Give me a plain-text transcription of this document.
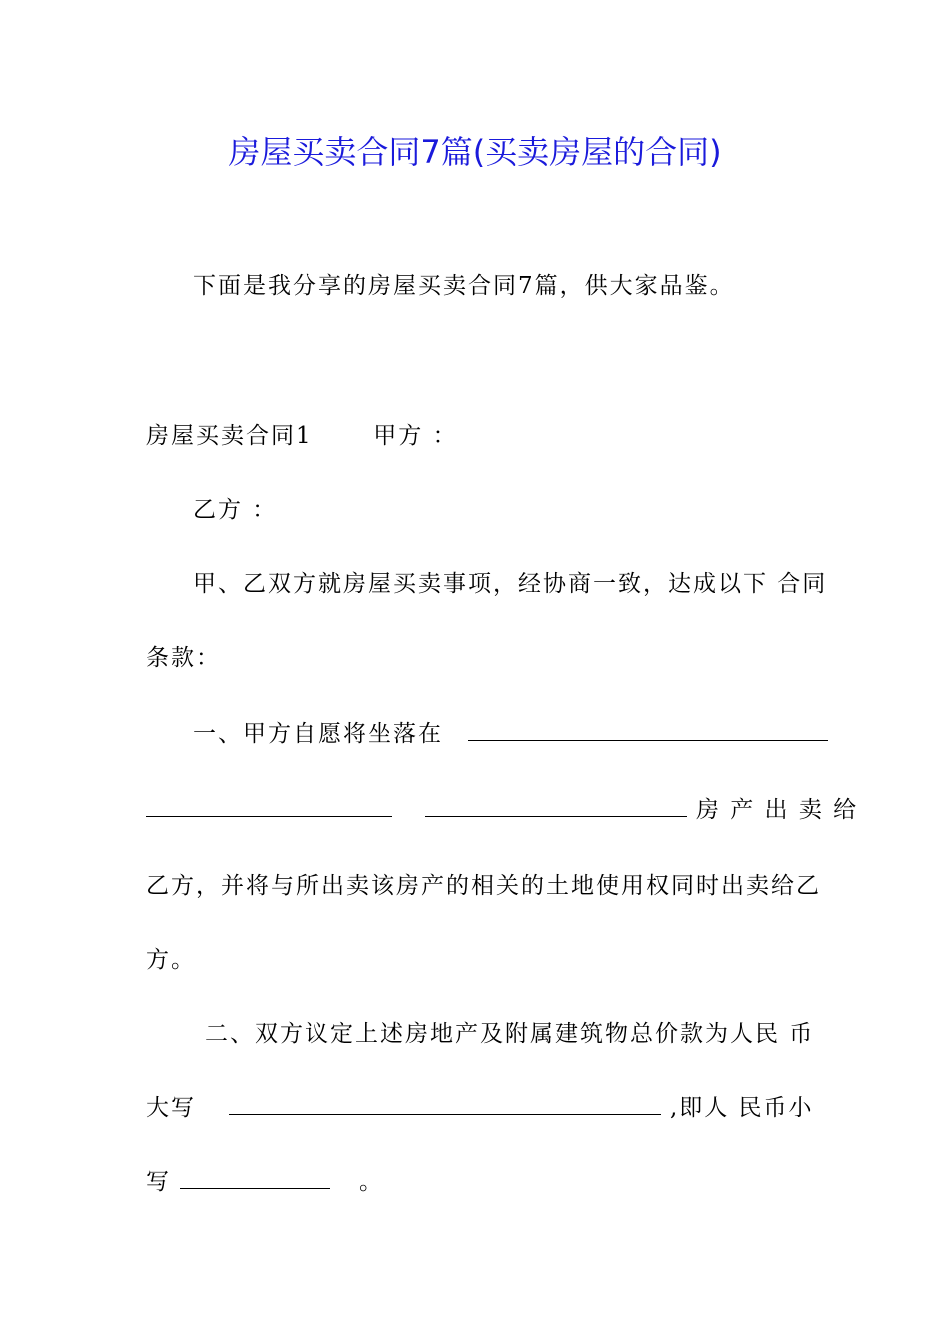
房屋买卖合同7篇(买卖房屋的合同)
下面是我分享的房屋买卖合同7篇，供大家品鉴。
房屋买卖合同1	甲方 ：
乙方 ：
甲、乙双方就房屋买卖事项，经协商一致，达成以下 合同
条款：
一、甲方自愿将坐落在
房 产 出 卖 给
乙方，并将与所出卖该房产的相关的土地使用权同时出卖给乙
方。
二、双方议定上述房地产及附属建筑物总价款为人民 币
大写	,即人 民币小
写	。
